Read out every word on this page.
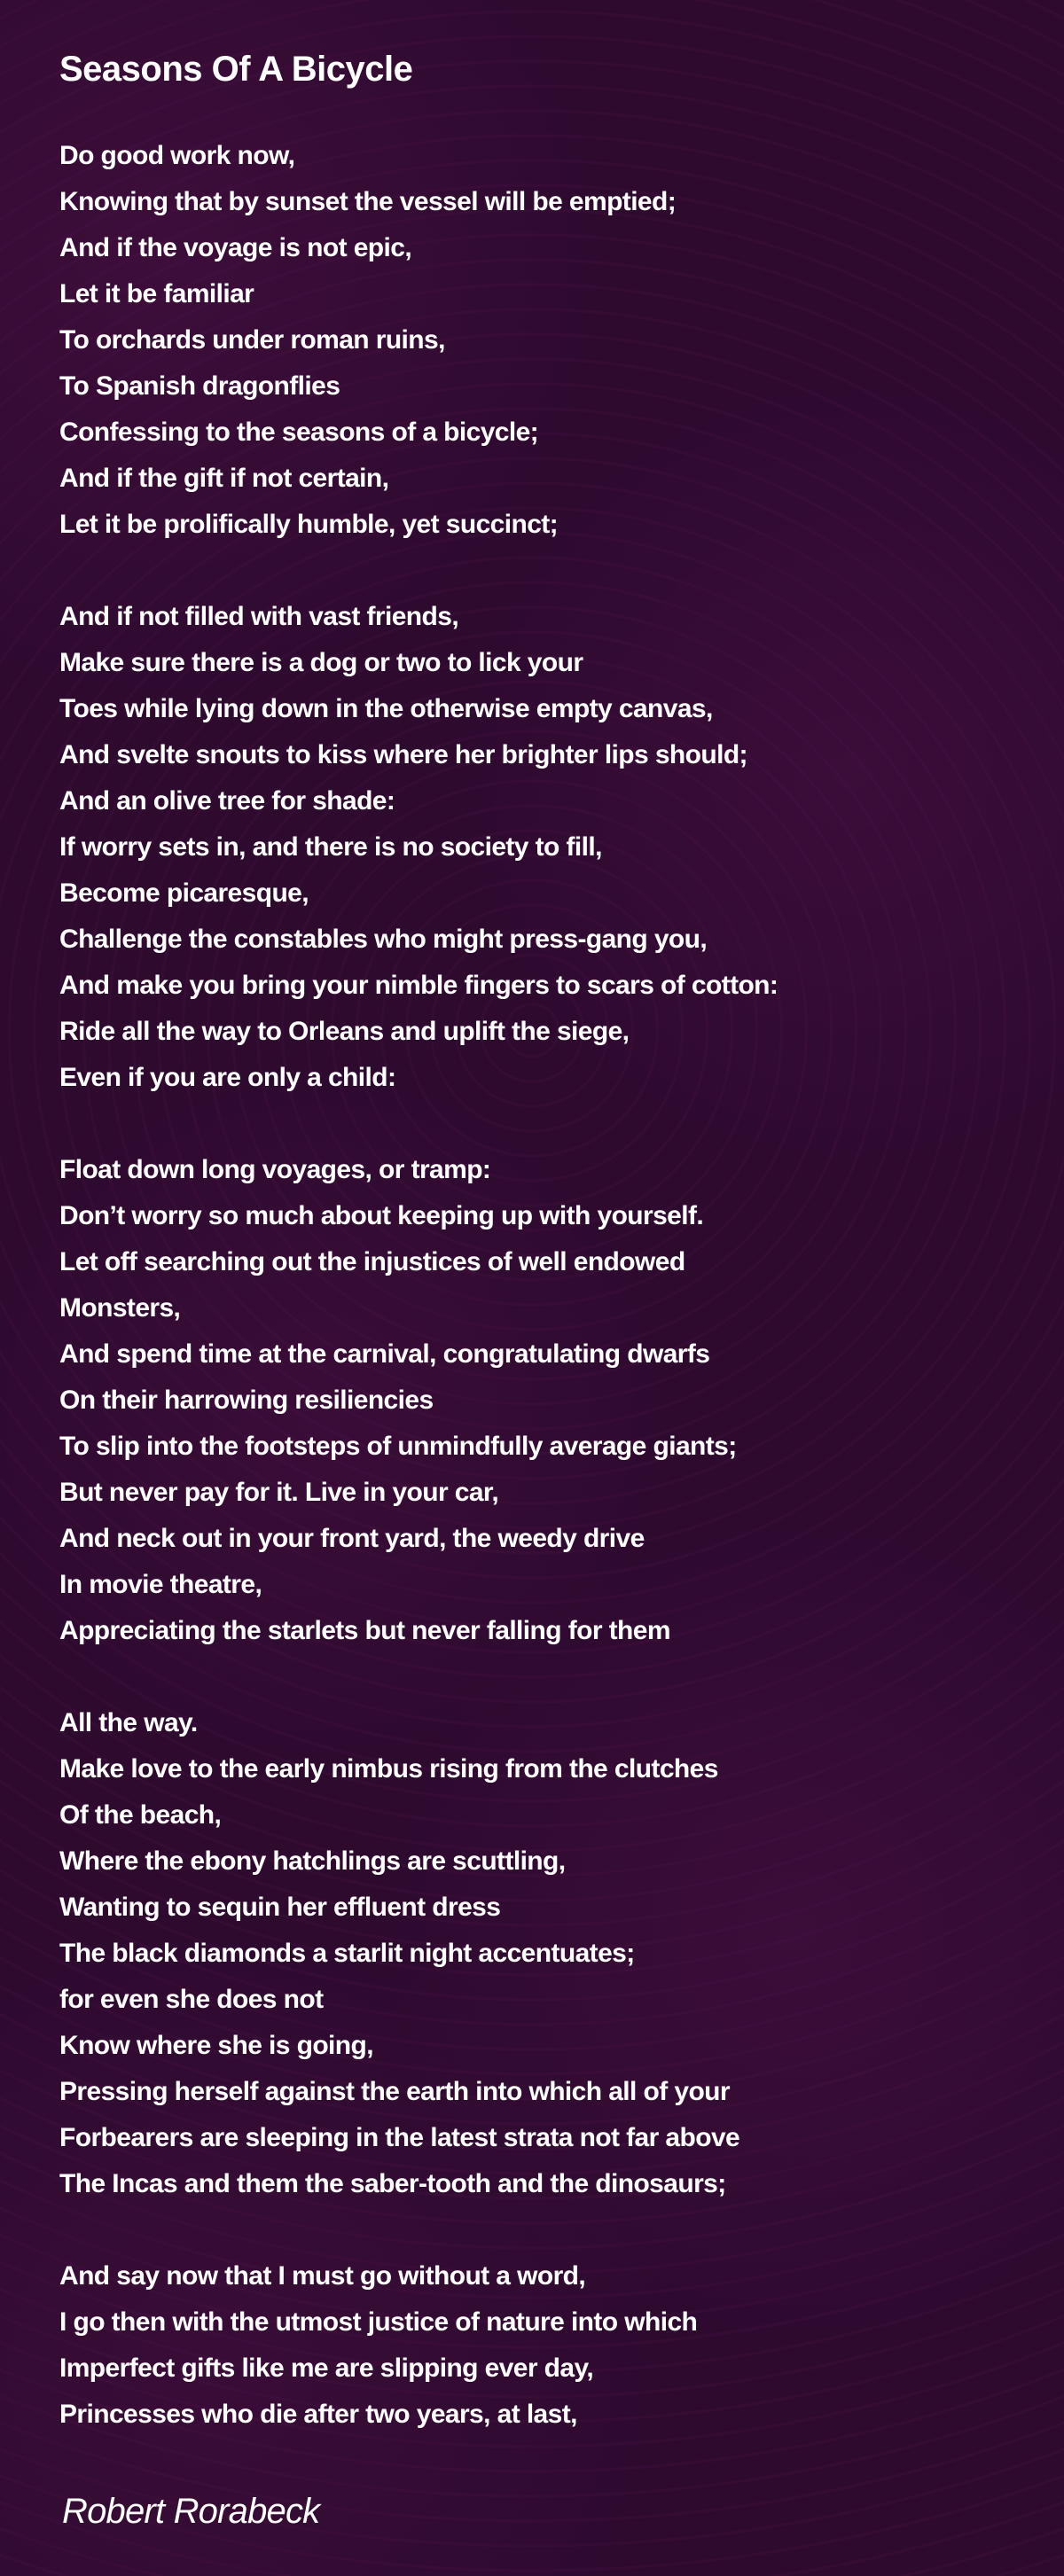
Seasons Of A Bicycle
Do good work now,
Knowing that by sunset the vessel will be emptied;
And if the voyage is not epic,
Let it be familiar
To orchards under roman ruins,
To Spanish dragonflies
Confessing to the seasons of a bicycle;
And if the gift if not certain,
Let it be prolifically humble, yet succinct;
And if not filled with vast friends,
Make sure there is a dog or two to lick your
Toes while lying down in the otherwise empty canvas,
And svelte snouts to kiss where her brighter lips should;
And an olive tree for shade:
If worry sets in, and there is no society to fill,
Become picaresque,
Challenge the constables who might press-gang you,
And make you bring your nimble fingers to scars of cotton:
Ride all the way to Orleans and uplift the siege,
Even if you are only a child:
Float down long voyages, or tramp:
Don’t worry so much about keeping up with yourself.
Let off searching out the injustices of well endowed
Monsters,
And spend time at the carnival, congratulating dwarfs
On their harrowing resiliencies
To slip into the footsteps of unmindfully average giants;
But never pay for it. Live in your car,
And neck out in your front yard, the weedy drive
In movie theatre,
Appreciating the starlets but never falling for them
All the way.
Make love to the early nimbus rising from the clutches
Of the beach,
Where the ebony hatchlings are scuttling,
Wanting to sequin her effluent dress
The black diamonds a starlit night accentuates;
for even she does not
Know where she is going,
Pressing herself against the earth into which all of your
Forbearers are sleeping in the latest strata not far above
The Incas and them the saber-tooth and the dinosaurs;
And say now that I must go without a word,
I go then with the utmost justice of nature into which
Imperfect gifts like me are slipping ever day,
Princesses who die after two years, at last,
Robert Rorabeck
